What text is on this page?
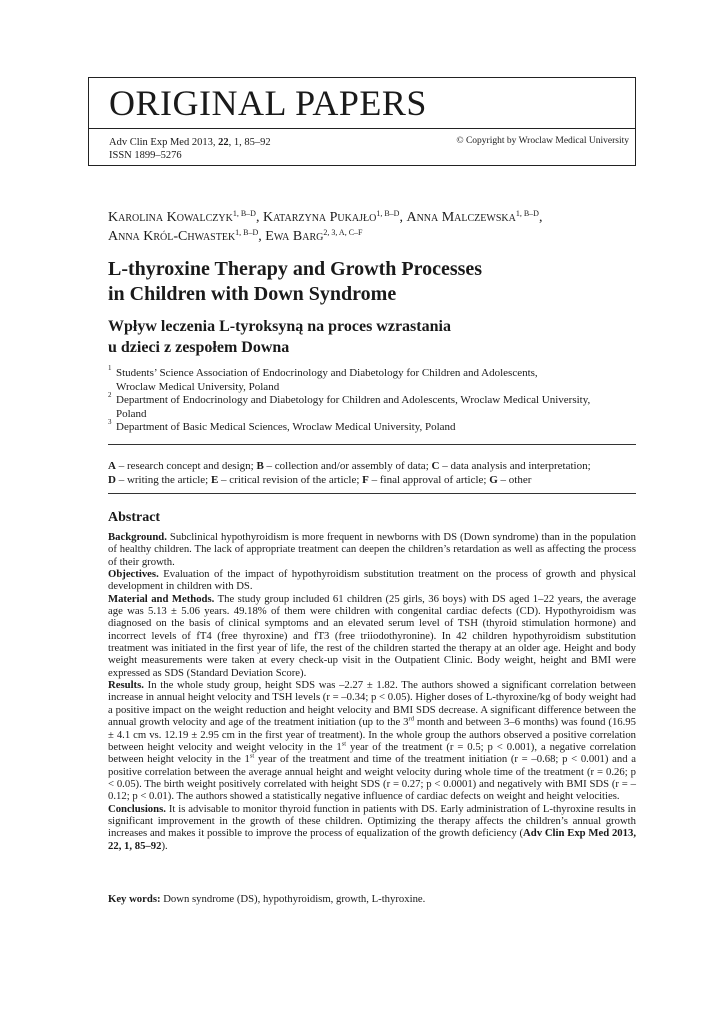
ORIGINAL PAPERS
Adv Clin Exp Med 2013, 22, 1, 85–92
ISSN 1899–5276
© Copyright by Wroclaw Medical University
Karolina Kowalczyk$^{1, B-D}$, Katarzyna Pukajło$^{1, B-D}$, Anna Malczewska$^{1, B-D}$,
Anna Król-Chwastek$^{1, B-D}$, Ewa Barg$^{2, 3, A, C-F}$
L-thyroxine Therapy and Growth Processes
in Children with Down Syndrome
Wpływ leczenia L-tyroksyną na proces wzrastania
u dzieci z zespołem Downa
1 Students’ Science Association of Endocrinology and Diabetology for Children and Adolescents,
Wroclaw Medical University, Poland
2 Department of Endocrinology and Diabetology for Children and Adolescents, Wroclaw Medical University,
Poland
3 Department of Basic Medical Sciences, Wroclaw Medical University, Poland
A – research concept and design; B – collection and/or assembly of data; C – data analysis and interpretation;
D – writing the article; E – critical revision of the article; F – final approval of article; G – other
Abstract

Background. Subclinical hypothyroidism is more frequent in newborns with DS (Down syndrome) than in the population of healthy children. The lack of appropriate treatment can deepen the children’s retardation as well as affecting the process of their growth.

Objectives. Evaluation of the impact of hypothyroidism substitution treatment on the process of growth and physical development in children with DS.

Material and Methods. The study group included 61 children (25 girls, 36 boys) with DS aged 1–22 years, the average age was 5.13 ± 5.06 years. 49.18% of them were children with congenital cardiac defects (CD). Hypothyroidism was diagnosed on the basis of clinical symptoms and an elevated serum level of TSH (thyroid stimulation hormone) and incorrect levels of fT4 (free thyroxine) and fT3 (free triiodothyronine). In 42 children hypothyroidism substitution treatment was initiated in the first year of life, the rest of the children started the therapy at an older age. Height and body weight measurements were taken at every check-up visit in the Outpatient Clinic. Body weight, height and BMI were expressed as SDS (Standard Deviation Score).

Results. In the whole study group, height SDS was –2.27 ± 1.82. The authors showed a significant correlation between increase in annual height velocity and TSH levels (r = –0.34; p < 0.05). Higher doses of L-thyroxine/kg of body weight had a positive impact on the weight reduction and height velocity and BMI SDS decrease. A significant difference between the annual growth velocity and age of the treatment initiation (up to the 3rd month and between 3–6 months) was found (16.95 ± 4.1 cm vs. 12.19 ± 2.95 cm in the first year of treatment). In the whole group the authors observed a positive correlation between height velocity and weight velocity in the 1st year of the treatment (r = 0.5; p < 0.001), a negative correlation between height velocity in the 1st year of the treatment and time of the treatment initiation (r = –0.68; p < 0.001) and a positive correlation between the average annual height and weight velocity during whole time of the treatment (r = 0.26; p < 0.05). The birth weight positively correlated with height SDS (r = 0.27; p < 0.0001) and negatively with BMI SDS (r = –0.12; p < 0.01). The authors showed a statistically negative influence of cardiac defects on weight and height velocities.

Conclusions. It is advisable to monitor thyroid function in patients with DS. Early administration of L-thyroxine results in significant improvement in the growth of these children. Optimizing the therapy affects the children’s annual growth increases and makes it possible to improve the process of equalization of the growth deficiency (Adv Clin Exp Med 2013, 22, 1, 85–92).

Key words: Down syndrome (DS), hypothyroidism, growth, L-thyroxine.
